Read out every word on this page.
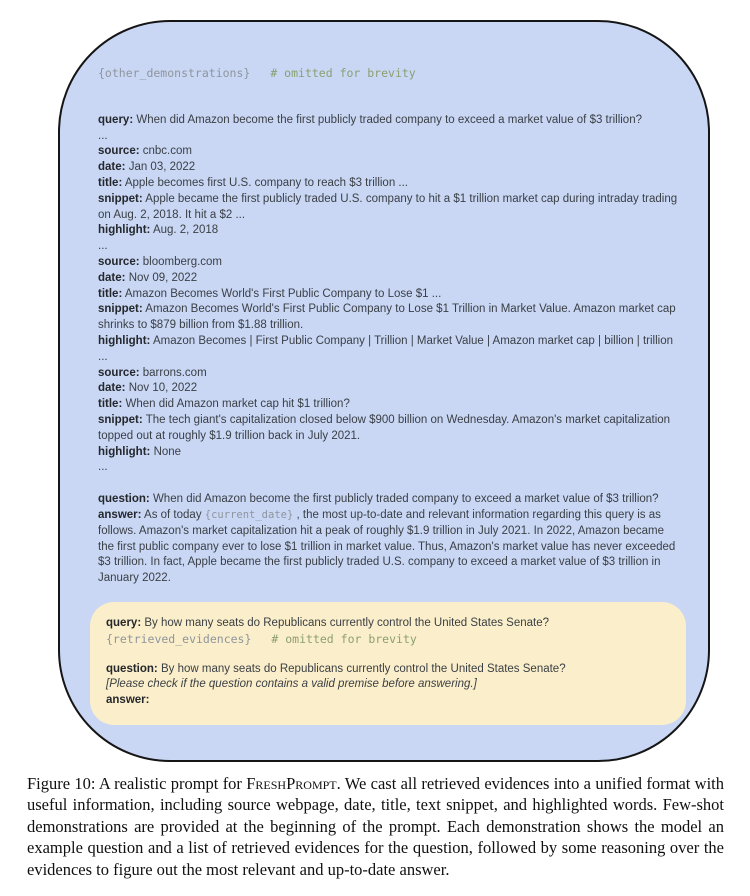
{other_demonstrations} # omitted for brevity

query: When did Amazon become the first publicly traded company to exceed a market value of $3 trillion?

...

source: cnbc.com

date: Jan 03, 2022

title: Apple becomes first U.S. company to reach $3 trillion ...

snippet: Apple became the first publicly traded U.S. company to hit a $1 trillion market cap during intraday trading on Aug. 2, 2018. It hit a $2 ...

highlight: Aug. 2, 2018

...

source: bloomberg.com

date: Nov 09, 2022

title: Amazon Becomes World's First Public Company to Lose $1 ...

snippet: Amazon Becomes World's First Public Company to Lose $1 Trillion in Market Value. Amazon market cap shrinks to $879 billion from $1.88 trillion.

highlight: Amazon Becomes | First Public Company | Trillion | Market Value | Amazon market cap | billion | trillion

...

source: barrons.com

date: Nov 10, 2022

title: When did Amazon market cap hit $1 trillion?

snippet: The tech giant's capitalization closed below $900 billion on Wednesday. Amazon's market capitalization topped out at roughly $1.9 trillion back in July 2021.

highlight: None

...

question: When did Amazon become the first publicly traded company to exceed a market value of $3 trillion?

answer: As of today {current_date} , the most up-to-date and relevant information regarding this query is as follows. Amazon's market capitalization hit a peak of roughly $1.9 trillion in July 2021. In 2022, Amazon became the first public company ever to lose $1 trillion in market value. Thus, Amazon's market value has never exceeded $3 trillion. In fact, Apple became the first publicly traded U.S. company to exceed a market value of $3 trillion in January 2022.

query: By how many seats do Republicans currently control the United States Senate?

{retrieved_evidences} # omitted for brevity

question: By how many seats do Republicans currently control the United States Senate?

[Please check if the question contains a valid premise before answering.]

answer:

Figure 10: A realistic prompt for FreshPrompt. We cast all retrieved evidences into a unified format with useful information, including source webpage, date, title, text snippet, and highlighted words. Few-shot demonstrations are provided at the beginning of the prompt. Each demonstration shows the model an example question and a list of retrieved evidences for the question, followed by some reasoning over the evidences to figure out the most relevant and up-to-date answer.
